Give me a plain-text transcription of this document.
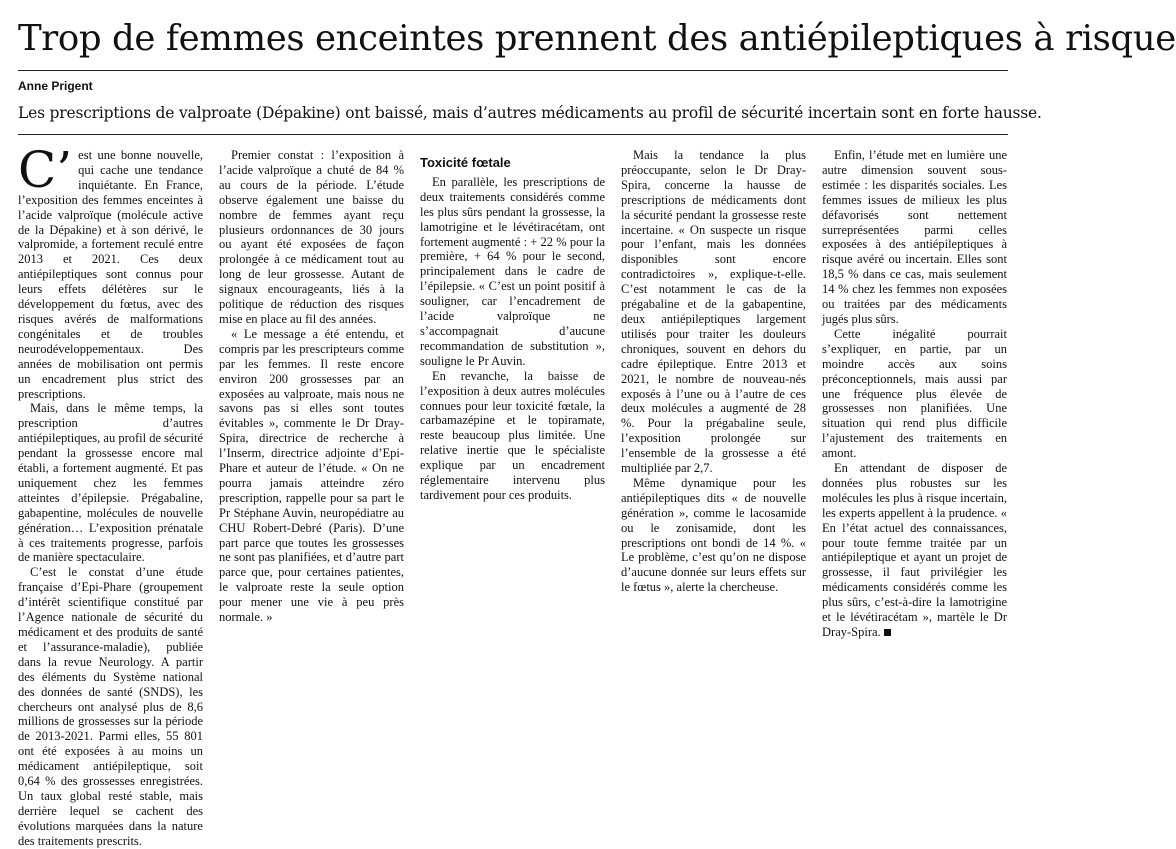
Trop de femmes enceintes prennent des antiépileptiques à risque
Anne Prigent
Les prescriptions de valproate (Dépakine) ont baissé, mais d’autres médicaments au profil de sécurité incertain sont en forte hausse.

C’ est une bonne nouvelle, qui cache une tendance inquiétante. En France, l’exposition des femmes enceintes à l’acide valproïque (molécule active de la Dépakine) et à son dérivé, le valpromide, a fortement reculé entre 2013 et 2021. Ces deux antiépileptiques sont connus pour leurs effets délétères sur le développement du fœtus, avec des risques avérés de malformations congénitales et de troubles neurodéveloppementaux. Des années de mobilisation ont permis un encadrement plus strict des prescriptions.

Mais, dans le même temps, la prescription d’autres antiépileptiques, au profil de sécurité pendant la grossesse encore mal établi, a fortement augmenté. Et pas uniquement chez les femmes atteintes d’épilepsie. Prégabaline, gabapentine, molécules de nouvelle génération… L’exposition prénatale à ces traitements progresse, parfois de manière spectaculaire.

C’est le constat d’une étude française d’Epi-Phare (groupement d’intérêt scientifique constitué par l’Agence nationale de sécurité du médicament et des produits de santé et l’assurance-maladie), publiée dans la revue Neurology. A partir des éléments du Système national des données de santé (SNDS), les chercheurs ont analysé plus de 8,6 millions de grossesses sur la période de 2013-2021. Parmi elles, 55 801 ont été exposées à au moins un médicament antiépileptique, soit 0,64 % des grossesses enregistrées. Un taux global resté stable, mais derrière lequel se cachent des évolutions marquées dans la nature des traitements prescrits.

Premier constat : l’exposition à l’acide valproïque a chuté de 84 % au cours de la période. L’étude observe également une baisse du nombre de femmes ayant reçu plusieurs ordonnances de 30 jours ou ayant été exposées de façon prolongée à ce médicament tout au long de leur grossesse. Autant de signaux encourageants, liés à la politique de réduction des risques mise en place au fil des années.

« Le message a été entendu, et compris par les prescripteurs comme par les femmes. Il reste encore environ 200 grossesses par an exposées au valproate, mais nous ne savons pas si elles sont toutes évitables », commente le Dr Dray-Spira, directrice de recherche à l’Inserm, directrice adjointe d’Epi-Phare et auteur de l’étude. « On ne pourra jamais atteindre zéro prescription, rappelle pour sa part le Pr Stéphane Auvin, neuropédiatre au CHU Robert-Debré (Paris). D’une part parce que toutes les grossesses ne sont pas planifiées, et d’autre part parce que, pour certaines patientes, le valproate reste la seule option pour mener une vie à peu près normale. »

Toxicité fœtale

En parallèle, les prescriptions de deux traitements considérés comme les plus sûrs pendant la grossesse, la lamotrigine et le lévétiracétam, ont fortement augmenté : + 22 % pour la première, + 64 % pour le second, principalement dans le cadre de l’épilepsie. « C’est un point positif à souligner, car l’encadrement de l’acide valproïque ne s’accompagnait d’aucune recommandation de substitution », souligne le Pr Auvin.

En revanche, la baisse de l’exposition à deux autres molécules connues pour leur toxicité fœtale, la carbamazépine et le topiramate, reste beaucoup plus limitée. Une relative inertie que le spécialiste explique par un encadrement réglementaire intervenu plus tardivement pour ces produits.

Mais la tendance la plus préoccupante, selon le Dr Dray-Spira, concerne la hausse de prescriptions de médicaments dont la sécurité pendant la grossesse reste incertaine. « On suspecte un risque pour l’enfant, mais les données disponibles sont encore contradictoires », explique-t-elle. C’est notamment le cas de la prégabaline et de la gabapentine, deux antiépileptiques largement utilisés pour traiter les douleurs chroniques, souvent en dehors du cadre épileptique. Entre 2013 et 2021, le nombre de nouveau-nés exposés à l’une ou à l’autre de ces deux molécules a augmenté de 28 %. Pour la prégabaline seule, l’exposition prolongée sur l’ensemble de la grossesse a été multipliée par 2,7.

Même dynamique pour les antiépileptiques dits « de nouvelle génération », comme le lacosamide ou le zonisamide, dont les prescriptions ont bondi de 14 %. « Le problème, c’est qu’on ne dispose d’aucune donnée sur leurs effets sur le fœtus », alerte la chercheuse.

Enfin, l’étude met en lumière une autre dimension souvent sous-estimée : les disparités sociales. Les femmes issues de milieux les plus défavorisés sont nettement surreprésentées parmi celles exposées à des antiépileptiques à risque avéré ou incertain. Elles sont 18,5 % dans ce cas, mais seulement 14 % chez les femmes non exposées ou traitées par des médicaments jugés plus sûrs.

Cette inégalité pourrait s’expliquer, en partie, par un moindre accès aux soins préconceptionnels, mais aussi par une fréquence plus élevée de grossesses non planifiées. Une situation qui rend plus difficile l’ajustement des traitements en amont.

En attendant de disposer de données plus robustes sur les molécules les plus à risque incertain, les experts appellent à la prudence. « En l’état actuel des connaissances, pour toute femme traitée par un antiépileptique et ayant un projet de grossesse, il faut privilégier les médicaments considérés comme les plus sûrs, c’est-à-dire la lamotrigine et le lévétiracétam », martèle le Dr Dray-Spira.
